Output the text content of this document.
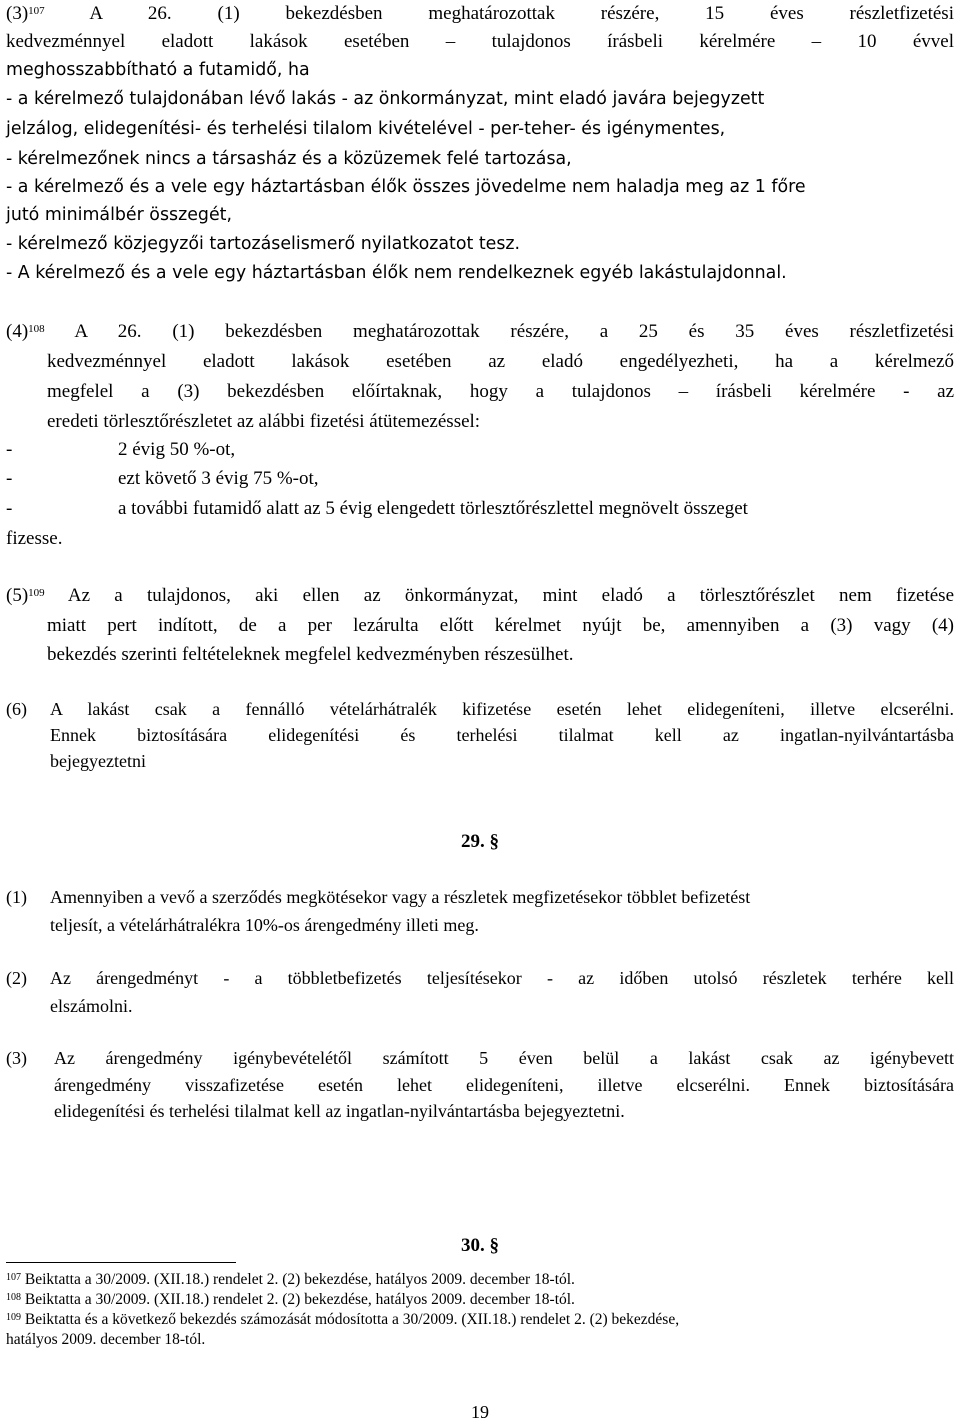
$(3)^{107}$ A 26. (1) bekezdésben meghatározottak részére, 15 éves részletfizetési
kedvezménnyel eladott lakások esetében – tulajdonos írásbeli kérelmére – 10 évvel
meghosszabbítható a futamidő, ha
- a kérelmező tulajdonában lévő lakás - az önkormányzat, mint eladó javára bejegyzett
jelzálog, elidegenítési- és terhelési tilalom kivételével - per-teher- és igénymentes,
- kérelmezőnek nincs a társasház és a közüzemek felé tartozása,
- a kérelmező és a vele egy háztartásban élők összes jövedelme nem haladja meg az 1 főre
jutó minimálbér összegét,
- kérelmező közjegyzői tartozáselismerő nyilatkozatot tesz.
- A kérelmező és a vele egy háztartásban élők nem rendelkeznek egyéb lakástulajdonnal.
$(4)^{108}$ A 26. (1) bekezdésben meghatározottak részére, a 25 és 35 éves részletfizetési
kedvezménnyel eladott lakások esetében az eladó engedélyezheti, ha a kérelmező
megfelel a (3) bekezdésben előírtaknak, hogy a tulajdonos – írásbeli kérelmére - az
eredeti törlesztőrészletet az alábbi fizetési átütemezéssel:
-	2 évig 50 %-ot,
-	ezt követő 3 évig 75 %-ot,
-	a további futamidő alatt az 5 évig elengedett törlesztőrészlettel megnövelt összeget
fizesse.
$(5)^{109}$ Az a tulajdonos, aki ellen az önkormányzat, mint eladó a törlesztőrészlet nem fizetése
miatt pert indított, de a per lezárulta előtt kérelmet nyújt be, amennyiben a (3) vagy (4)
bekezdés szerinti feltételeknek megfelel kedvezményben részesülhet.
(6)	A lakást csak a fennálló vételárhátralék kifizetése esetén lehet elidegeníteni, illetve elcserélni.
Ennek biztosítására elidegenítési és terhelési tilalmat kell az ingatlan-nyilvántartásba
bejegyeztetni
29. §
(1)	Amennyiben a vevő a szerződés megkötésekor vagy a részletek megfizetésekor többlet befizetést
teljesít, a vételárhátralékra 10%-os árengedmény illeti meg.
(2)	Az árengedményt - a többletbefizetés teljesítésekor - az időben utolsó részletek terhére kell
elszámolni.
(3)	Az árengedmény igénybevételétől számított 5 éven belül a lakást csak az igénybevett
árengedmény visszafizetése esetén lehet elidegeníteni, illetve elcserélni. Ennek biztosítására
elidegenítési és terhelési tilalmat kell az ingatlan-nyilvántartásba bejegyeztetni.
30. §
$^{107}$ Beiktatta a 30/2009. (XII.18.) rendelet 2. (2) bekezdése, hatályos 2009. december 18-tól.
$^{108}$ Beiktatta a 30/2009. (XII.18.) rendelet 2. (2) bekezdése, hatályos 2009. december 18-tól.
$^{109}$ Beiktatta és a következő bekezdés számozását módosította a 30/2009. (XII.18.) rendelet 2. (2) bekezdése,
hatályos 2009. december 18-tól.
19
